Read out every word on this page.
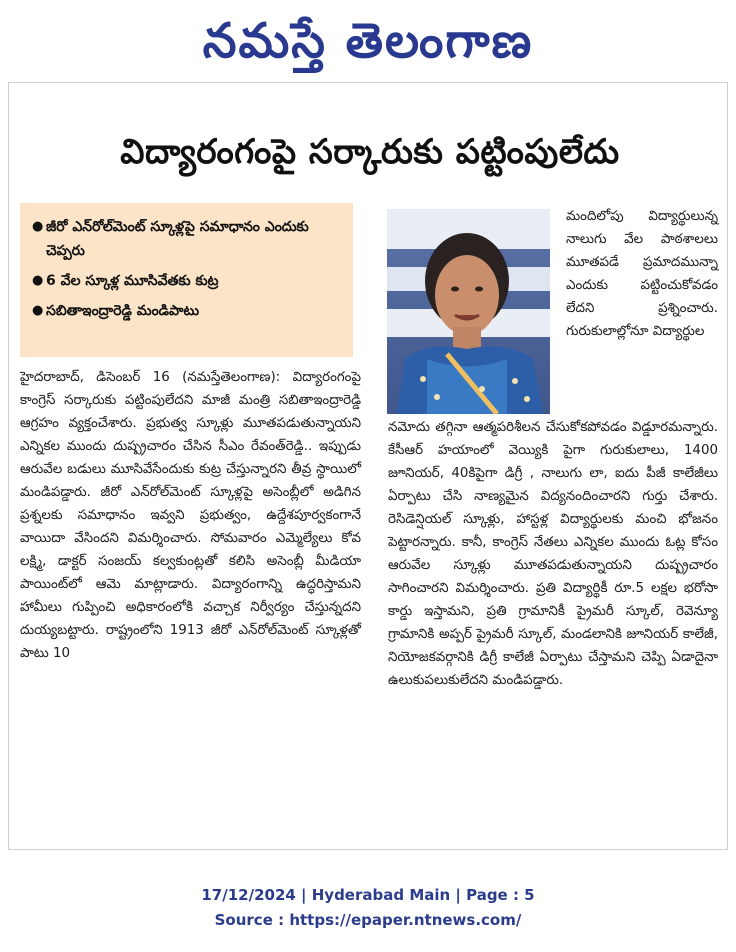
నమస్తే తెలంగాణ
విద్యారంగంపై సర్కారుకు పట్టింపులేదు
● జీరో ఎన్‌రోల్‌మెంట్ స్కూళ్లపై సమాధానం ఎందుకు చెప్పరు
● 6 వేల స్కూళ్ల మూసివేతకు కుట్ర
● సబితాఇంద్రారెడ్డి మండిపాటు
మందిలోపు విద్యార్థులున్న నాలుగు వేల పాఠశాలలు మూతపడే ప్రమాదమున్నా ఎందుకు పట్టించుకోవడం లేదని ప్రశ్నించారు. గురుకులాల్లోనూ విద్యార్థుల
హైదరాబాద్, డిసెంబర్ 16 (నమస్తేతెలంగాణ): విద్యారంగంపై కాంగ్రెస్ సర్కారుకు పట్టింపులేదని మాజీ మంత్రి సబితాఇంద్రారెడ్డి ఆగ్రహం వ్యక్తంచేశారు. ప్రభుత్వ స్కూళ్లు మూతపడుతున్నాయని ఎన్నికల ముందు దుష్ప్రచారం చేసిన సీఎం రేవంత్‌రెడ్డి.. ఇప్పుడు ఆరువేల బడులు మూసివేసేందుకు కుట్ర చేస్తున్నారని తీవ్ర స్థాయిలో మండిపడ్డారు. జీరో ఎన్‌రోల్‌మెంట్ స్కూళ్లపై అసెంబ్లీలో అడిగిన ప్రశ్నలకు సమాధానం ఇవ్వని ప్రభుత్వం, ఉద్దేశపూర్వకంగానే వాయిదా వేసిందని విమర్శించారు. సోమవారం ఎమ్మెల్యేలు కోవ లక్ష్మి, డాక్టర్ సంజయ్ కల్వకుంట్లతో కలిసి అసెంబ్లీ మీడియా పాయింట్‌లో ఆమె మాట్లాడారు. విద్యారంగాన్ని ఉద్ధరిస్తామని హామీలు గుప్పించి అధికారంలోకి వచ్చాక నిర్వీర్యం చేస్తున్నదని దుయ్యబట్టారు. రాష్ట్రంలోని 1913 జీరో ఎన్‌రోల్‌మెంట్ స్కూళ్లతో పాటు 10
నమోదు తగ్గినా ఆత్మపరిశీలన చేసుకోకపోవడం విడ్డూరమన్నారు. కేసీఆర్ హయాంలో వెయ్యికి పైగా గురుకులాలు, 1400 జూనియర్, 40కిపైగా డిగ్రీ , నాలుగు లా, ఐదు పీజీ కాలేజీలు ఏర్పాటు చేసి నాణ్యమైన విద్యనందించారని గుర్తు చేశారు. రెసిడెన్షియల్ స్కూళ్లు, హాస్టళ్ల విద్యార్థులకు మంచి భోజనం పెట్టారన్నారు. కానీ, కాంగ్రెస్ నేతలు ఎన్నికల ముందు ఓట్ల కోసం ఆరువేల స్కూళ్లు మూతపడుతున్నాయని దుష్ప్రచారం సాగించారని విమర్శించారు. ప్రతి విద్యార్థికీ రూ.5 లక్షల భరోసా కార్డు ఇస్తామని, ప్రతి గ్రామానికీ ప్రైమరీ స్కూల్, రెవెన్యూ గ్రామానికి అప్పర్ ప్రైమరీ స్కూల్, మండలానికి జూనియర్ కాలేజీ, నియోజకవర్గానికి డిగ్రీ కాలేజీ ఏర్పాటు చేస్తామని చెప్పి ఏడాదైనా ఉలుకుపలుకులేదని మండిపడ్డారు.
17/12/2024 | Hyderabad Main | Page : 5
Source : https://epaper.ntnews.com/
